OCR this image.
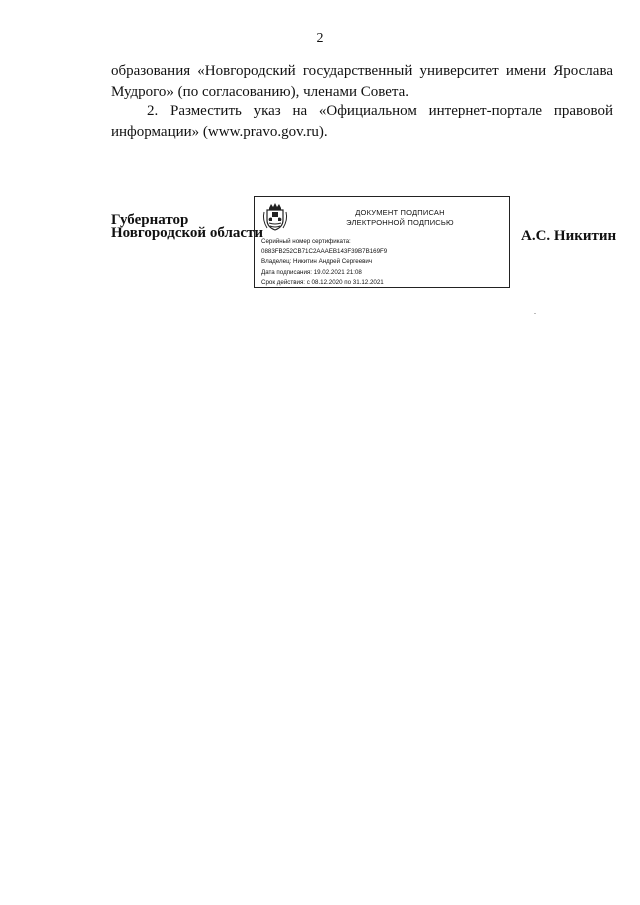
2
образования «Новгородский государственный университет имени Ярослава
Мудрого» (по согласованию), членами Совета.
2. Разместить указ на «Официальном интернет-портале правовой
информации» (www.pravo.gov.ru).
Губернатор
Новгородской области
ДОКУМЕНТ ПОДПИСАН
ЭЛЕКТРОННОЙ ПОДПИСЬЮ
Серийный номер сертификата:
0883FB252CB71C2AAAEB143F39B7B169F9
Владелец: Никитин Андрей Сергеевич
Дата подписания: 19.02.2021 21:08
Срок действия: с 08.12.2020 по 31.12.2021
А.С. Никитин
